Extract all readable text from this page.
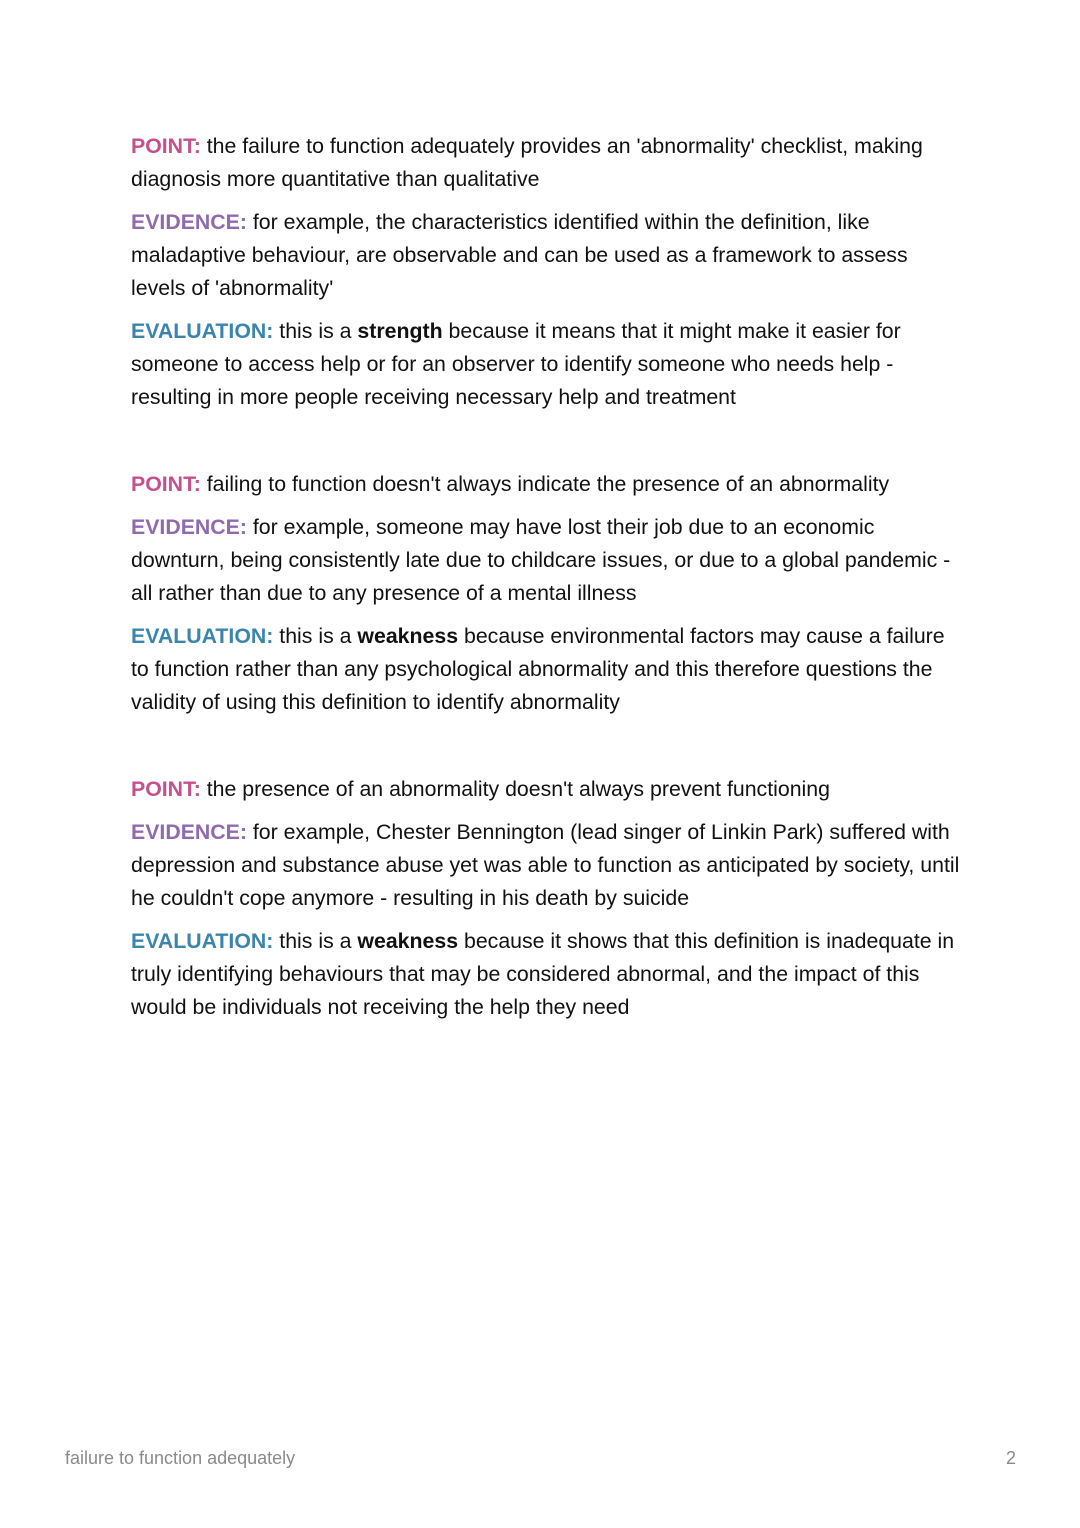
POINT: the failure to function adequately provides an 'abnormality' checklist, making diagnosis more quantitative than qualitative

EVIDENCE: for example, the characteristics identified within the definition, like maladaptive behaviour, are observable and can be used as a framework to assess levels of 'abnormality'

EVALUATION: this is a strength because it means that it might make it easier for someone to access help or for an observer to identify someone who needs help - resulting in more people receiving necessary help and treatment

POINT: failing to function doesn't always indicate the presence of an abnormality

EVIDENCE: for example, someone may have lost their job due to an economic downturn, being consistently late due to childcare issues, or due to a global pandemic - all rather than due to any presence of a mental illness

EVALUATION: this is a weakness because environmental factors may cause a failure to function rather than any psychological abnormality and this therefore questions the validity of using this definition to identify abnormality

POINT: the presence of an abnormality doesn't always prevent functioning

EVIDENCE: for example, Chester Bennington (lead singer of Linkin Park) suffered with depression and substance abuse yet was able to function as anticipated by society, until he couldn't cope anymore - resulting in his death by suicide

EVALUATION: this is a weakness because it shows that this definition is inadequate in truly identifying behaviours that may be considered abnormal, and the impact of this would be individuals not receiving the help they need

failure to function adequately	2
